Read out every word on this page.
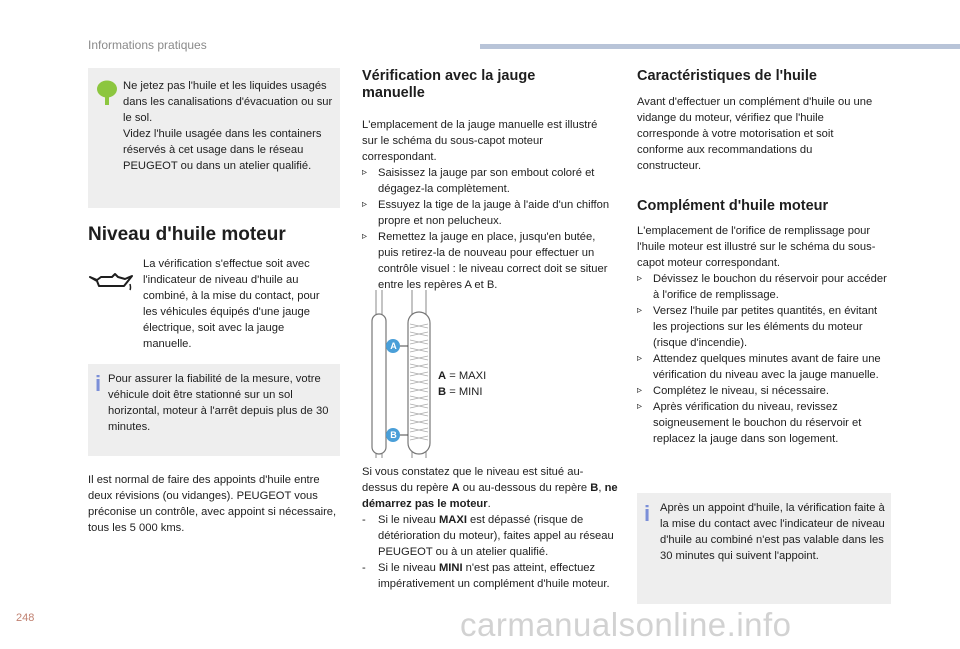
Informations pratiques
Ne jetez pas l'huile et les liquides usagés dans les canalisations d'évacuation ou sur le sol.
Videz l'huile usagée dans les containers réservés à cet usage dans le réseau PEUGEOT ou dans un atelier qualifié.
Niveau d'huile moteur
La vérification s'effectue soit avec l'indicateur de niveau d'huile au combiné, à la mise du contact, pour les véhicules équipés d'une jauge électrique, soit avec la jauge manuelle.
i Pour assurer la fiabilité de la mesure, votre véhicule doit être stationné sur un sol horizontal, moteur à l'arrêt depuis plus de 30 minutes.
Il est normal de faire des appoints d'huile entre deux révisions (ou vidanges). PEUGEOT vous préconise un contrôle, avec appoint si nécessaire, tous les 5 000 kms.
Vérification avec la jauge manuelle

L'emplacement de la jauge manuelle est illustré sur le schéma du sous-capot moteur correspondant.

▹ Saisissez la jauge par son embout coloré et dégagez-la complètement.
▹ Essuyez la tige de la jauge à l'aide d'un chiffon propre et non pelucheux.
▹ Remettez la jauge en place, jusqu'en butée, puis retirez-la de nouveau pour effectuer un contrôle visuel : le niveau correct doit se situer entre les repères A et B.
A
B

A = MAXI

B = MINI

Si vous constatez que le niveau est situé au-dessus du repère A ou au-dessous du repère B, ne démarrez pas le moteur.

- Si le niveau MAXI est dépassé (risque de détérioration du moteur), faites appel au réseau PEUGEOT ou à un atelier qualifié.
- Si le niveau MINI n'est pas atteint, effectuez impérativement un complément d'huile moteur.
Caractéristiques de l'huile
Avant d'effectuer un complément d'huile ou une vidange du moteur, vérifiez que l'huile corresponde à votre motorisation et soit conforme aux recommandations du constructeur.
Complément d'huile moteur

L'emplacement de l'orifice de remplissage pour l'huile moteur est illustré sur le schéma du sous-capot moteur correspondant.

▹ Dévissez le bouchon du réservoir pour accéder à l'orifice de remplissage.
▹ Versez l'huile par petites quantités, en évitant les projections sur les éléments du moteur (risque d'incendie).
▹ Attendez quelques minutes avant de faire une vérification du niveau avec la jauge manuelle.
▹ Complétez le niveau, si nécessaire.
▹ Après vérification du niveau, revissez soigneusement le bouchon du réservoir et replacez la jauge dans son logement.
i Après un appoint d'huile, la vérification faite à la mise du contact avec l'indicateur de niveau d'huile au combiné n'est pas valable dans les 30 minutes qui suivent l'appoint.
248	carmanualsonline.info
